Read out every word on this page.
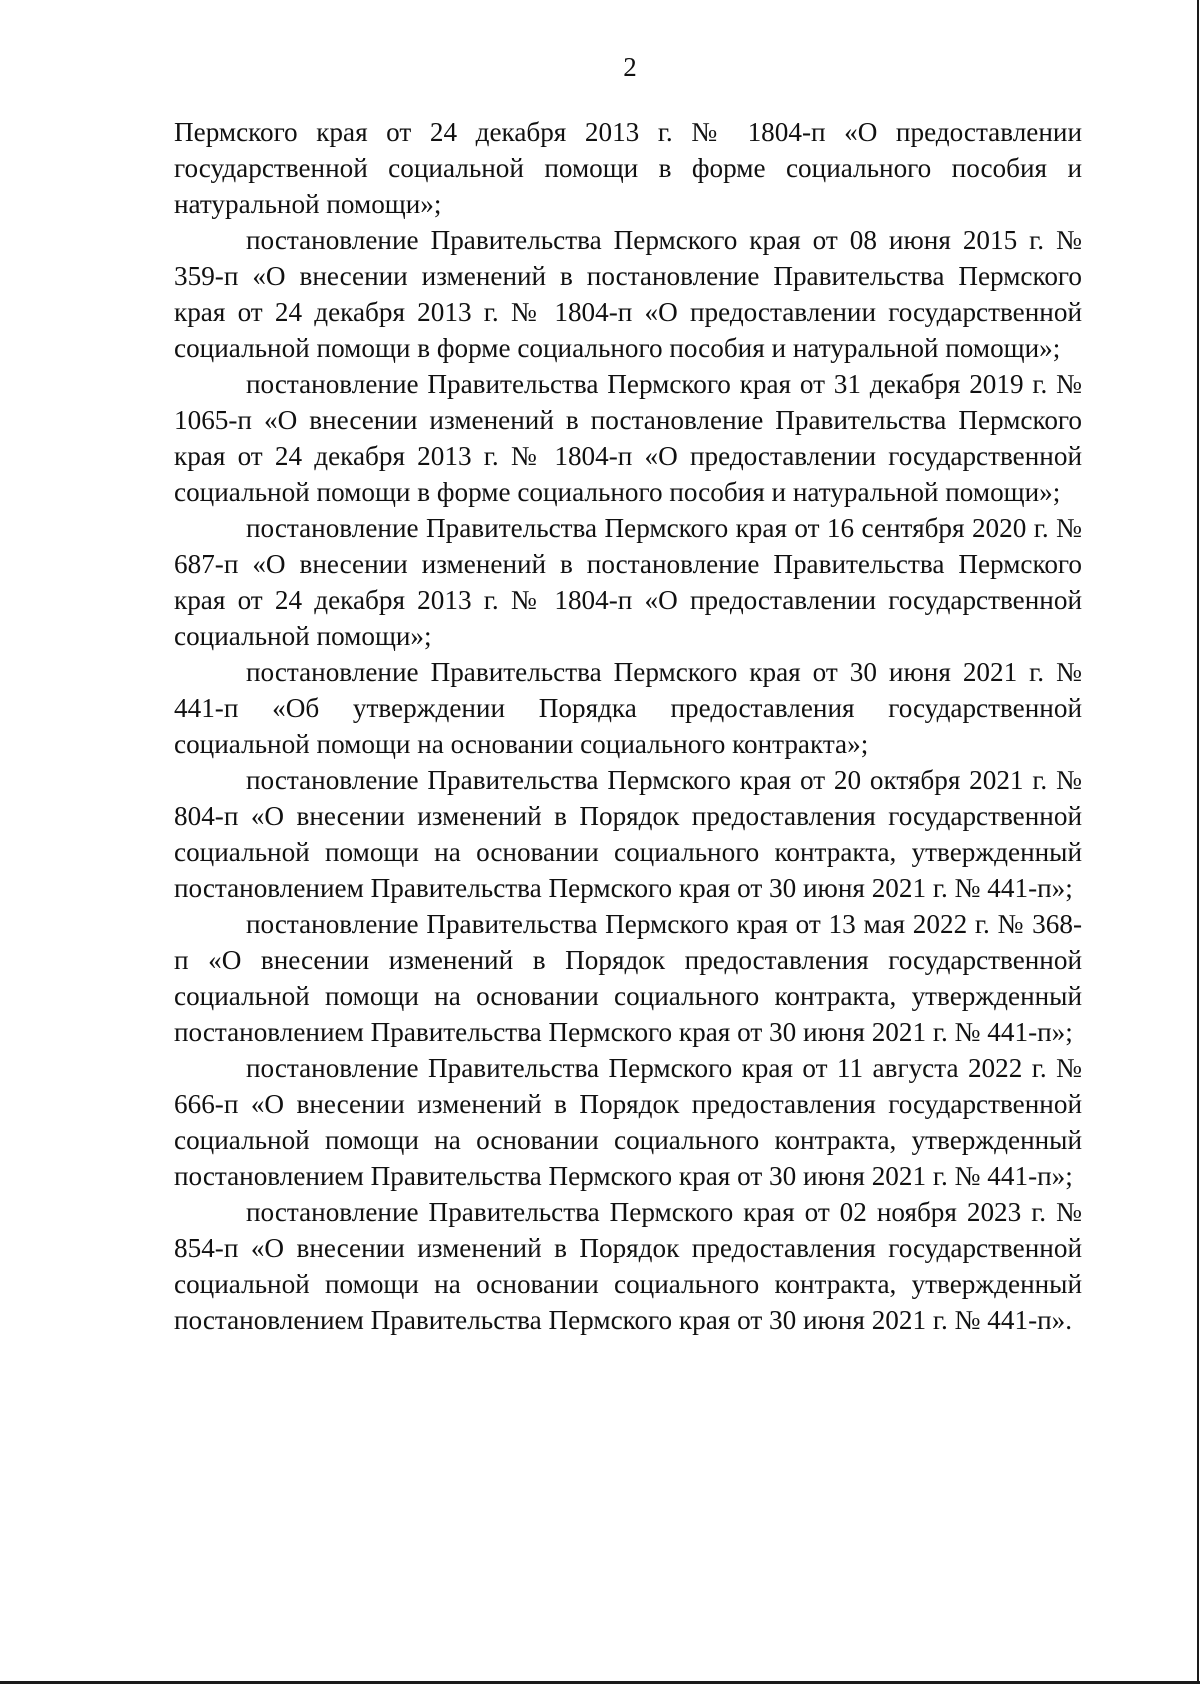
2

Пермского края от 24 декабря 2013 г. № 1804-п «О предоставлении государственной социальной помощи в форме социального пособия и натуральной помощи»;

постановление Правительства Пермского края от 08 июня 2015 г. № 359-п «О внесении изменений в постановление Правительства Пермского края от 24 декабря 2013 г. № 1804-п «О предоставлении государственной социальной помощи в форме социального пособия и натуральной помощи»;

постановление Правительства Пермского края от 31 декабря 2019 г. № 1065-п «О внесении изменений в постановление Правительства Пермского края от 24 декабря 2013 г. № 1804-п «О предоставлении государственной социальной помощи в форме социального пособия и натуральной помощи»;

постановление Правительства Пермского края от 16 сентября 2020 г. № 687-п «О внесении изменений в постановление Правительства Пермского края от 24 декабря 2013 г. № 1804-п «О предоставлении государственной социальной помощи»;

постановление Правительства Пермского края от 30 июня 2021 г. № 441-п «Об утверждении Порядка предоставления государственной социальной помощи на основании социального контракта»;

постановление Правительства Пермского края от 20 октября 2021 г. № 804-п «О внесении изменений в Порядок предоставления государственной социальной помощи на основании социального контракта, утвержденный постановлением Правительства Пермского края от 30 июня 2021 г. № 441-п»;

постановление Правительства Пермского края от 13 мая 2022 г. № 368-п «О внесении изменений в Порядок предоставления государственной социальной помощи на основании социального контракта, утвержденный постановлением Правительства Пермского края от 30 июня 2021 г. № 441-п»;

постановление Правительства Пермского края от 11 августа 2022 г. № 666-п «О внесении изменений в Порядок предоставления государственной социальной помощи на основании социального контракта, утвержденный постановлением Правительства Пермского края от 30 июня 2021 г. № 441-п»;

постановление Правительства Пермского края от 02 ноября 2023 г. № 854-п «О внесении изменений в Порядок предоставления государственной социальной помощи на основании социального контракта, утвержденный постановлением Правительства Пермского края от 30 июня 2021 г. № 441-п».
